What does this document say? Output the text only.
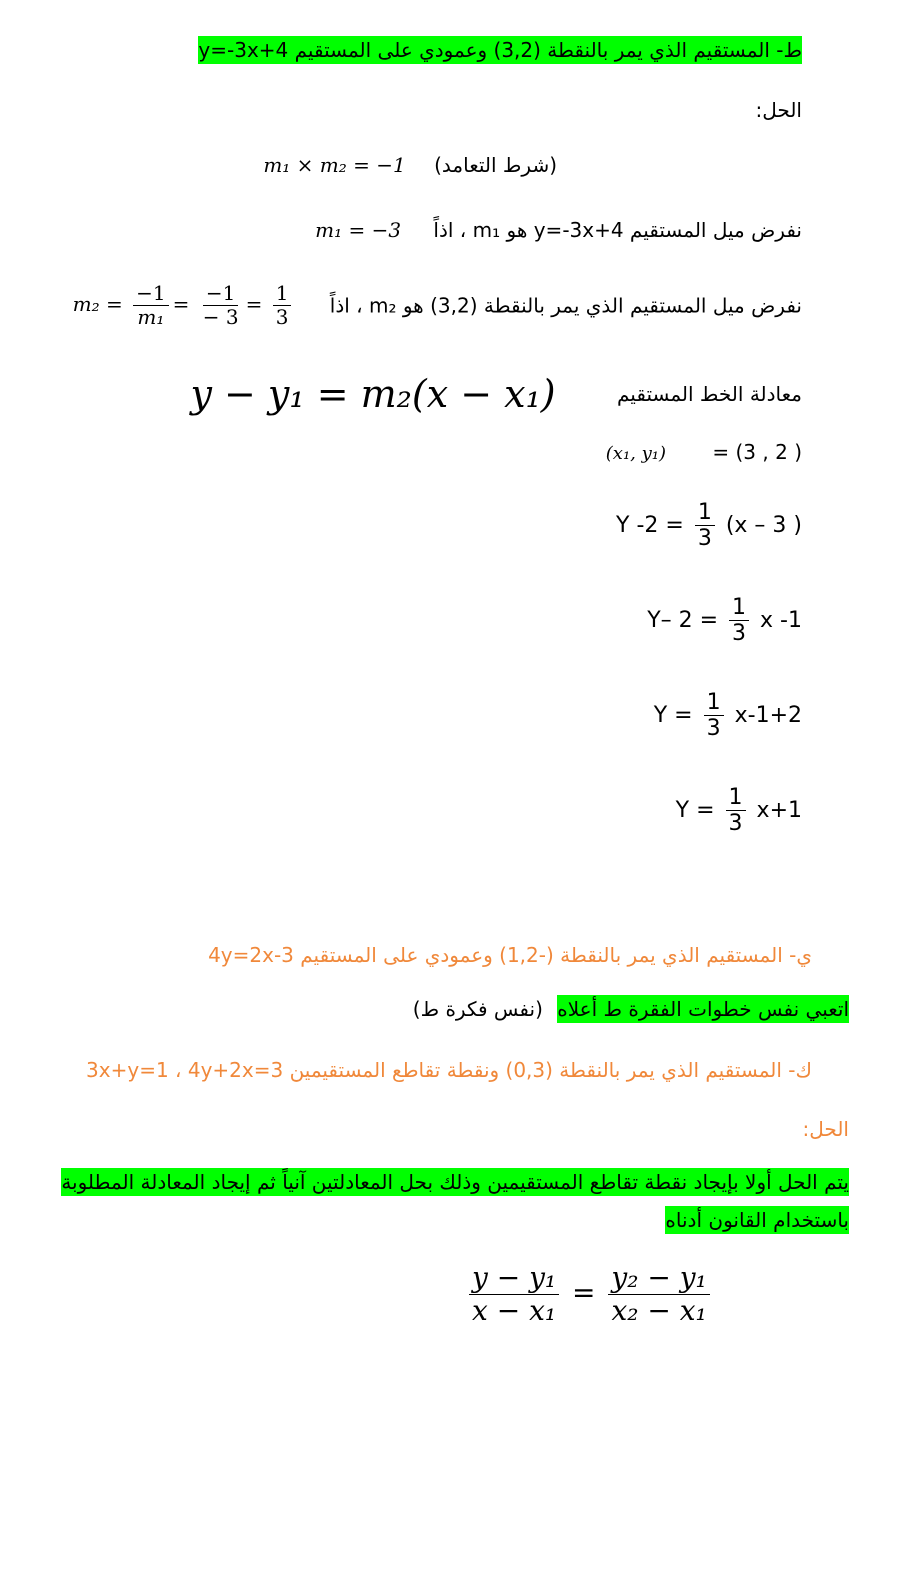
ط- المستقيم الذي يمر بالنقطة (3,2) وعمودي على المستقيم y=-3x+4
الحل:
(شرط التعامد) m₁ × m₂ = −1
نفرض ميل المستقيم y=-3x+4 هو m₁ ، اذاً m₁ = −3
نفرض ميل المستقيم الذي يمر بالنقطة (3,2) هو m₂ ، اذاً $m_2 = \frac{-1}{\text{m₁}} = \frac{-1}{- 3} = \frac{1}{3}$
معادلة الخط المستقيم y − y₁ = m₂(x − x₁)
(x₁, y₁) = (3 , 2 )
Y $-2 = \frac{1}{3} (x - 3$ )
Y– $2 = \frac{1}{3}$ x -1
$Y = \frac{1}{3} x-1+2$
$Y = \frac{1}{3} x+1$
ي- المستقيم الذي يمر بالنقطة (-1,2) وعمودي على المستقيم 4y=2x-3
اتعبي نفس خطوات الفقرة ط أعلاه (نفس فكرة ط)
ك- المستقيم الذي يمر بالنقطة (0,3) ونقطة تقاطع المستقيمين 3x+y=1 ، 4y+2x=3
الحل:
يتم الحل أولا بإيجاد نقطة تقاطع المستقيمين وذلك بحل المعادلتين آنياً ثم إيجاد المعادلة المطلوبة
باستخدام القانون أدناه
$\frac{\text{y − y₁}}{\text{x − x₁}} = \frac{\text{y₂ − y₁}}{\text{x₂ − x₁}}$
